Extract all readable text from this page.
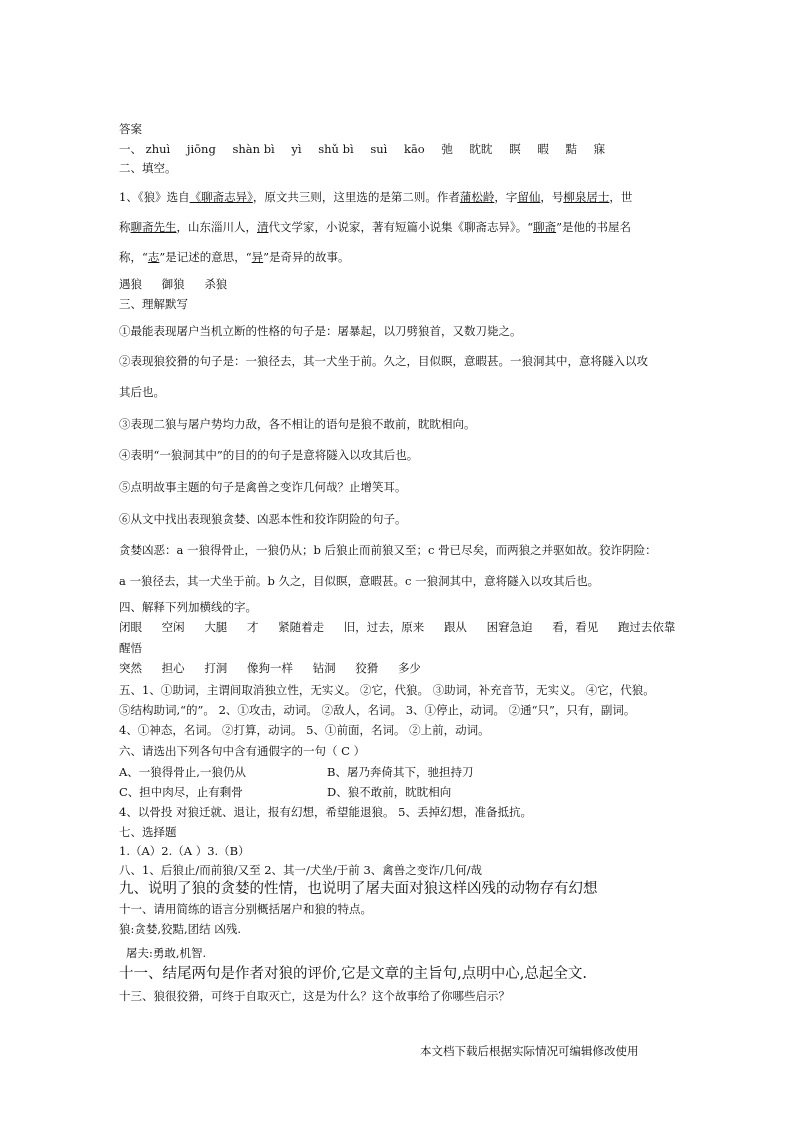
答案
一、 zhuì jiōng shàn bì yì shǔ bì suì kāo 弛 眈眈 瞑 暇 黠 寐
二、填空。
1、《狼》选自《聊斋志异》，原文共三则，这里选的是第二则。作者蒲松龄，字留仙，号柳泉居士，世
称聊斋先生，山东淄川人，清代文学家，小说家，著有短篇小说集《聊斋志异》。“聊斋”是他的书屋名
称，“志”是记述的意思，“异”是奇异的故事。
遇狼 御狼 杀狼
三、理解默写
①最能表现屠户当机立断的性格的句子是：屠暴起，以刀劈狼首，又数刀毙之。
②表现狼狡猾的句子是：一狼径去，其一犬坐于前。久之，目似瞑，意暇甚。一狼洞其中，意将隧入以攻
其后也。
③表现二狼与屠户势均力敌，各不相让的语句是狼不敢前，眈眈相向。
④表明“一狼洞其中”的目的的句子是意将隧入以攻其后也。
⑤点明故事主题的句子是禽兽之变诈几何哉？止增笑耳。
⑥从文中找出表现狼贪婪、凶恶本性和狡诈阴险的句子。
贪婪凶恶：a 一狼得骨止，一狼仍从；b 后狼止而前狼又至；c 骨已尽矣，而两狼之并驱如故。狡诈阴险：
a 一狼径去，其一犬坐于前。b 久之，目似瞑，意暇甚。c 一狼洞其中，意将隧入以攻其后也。
四、解释下列加横线的字。
闭眼 空闲 大腿 才 紧随着走 旧，过去，原来 跟从 困窘急迫 看，看见 跑过去依靠
醒悟
突然 担心 打洞 像狗一样 钻洞 狡猾 多少
五、1、①助词，主谓间取消独立性，无实义。 ②它，代狼。 ③助词，补充音节，无实义。 ④它，代狼。
⑤结构助词,“的”。 2、①攻击，动词。 ②敌人，名词。 3、①停止，动词。 ②通“只”，只有，副词。
4、①神态，名词。 ②打算，动词。 5、①前面，名词。 ②上前，动词。
六、请选出下列各句中含有通假字的一句（ C ）
A、一狼得骨止,一狼仍从	B、屠乃奔倚其下，驰担持刀
C、担中肉尽，止有剩骨	D、狼不敢前，眈眈相向
4、以骨投 对狼迁就、退让，报有幻想，希望能退狼。 5、丢掉幻想，准备抵抗。
七、选择题
1.（A）2.（A ）3.（B）
八、1、后狼止/而前狼/又至 2、其一/犬坐/于前 3、禽兽之变诈/几何/哉
九、说明了狼的贪婪的性情，也说明了屠夫面对狼这样凶残的动物存有幻想
十一、请用简练的语言分别概括屠户和狼的特点。
狼:贪婪,狡黠,团结 凶残.
屠夫:勇敢,机智.
十一、结尾两句是作者对狼的评价,它是文章的主旨句,点明中心,总起全文.
十三、狼很狡猾，可终于自取灭亡，这是为什么？这个故事给了你哪些启示？
本文档下载后根据实际情况可编辑修改使用
